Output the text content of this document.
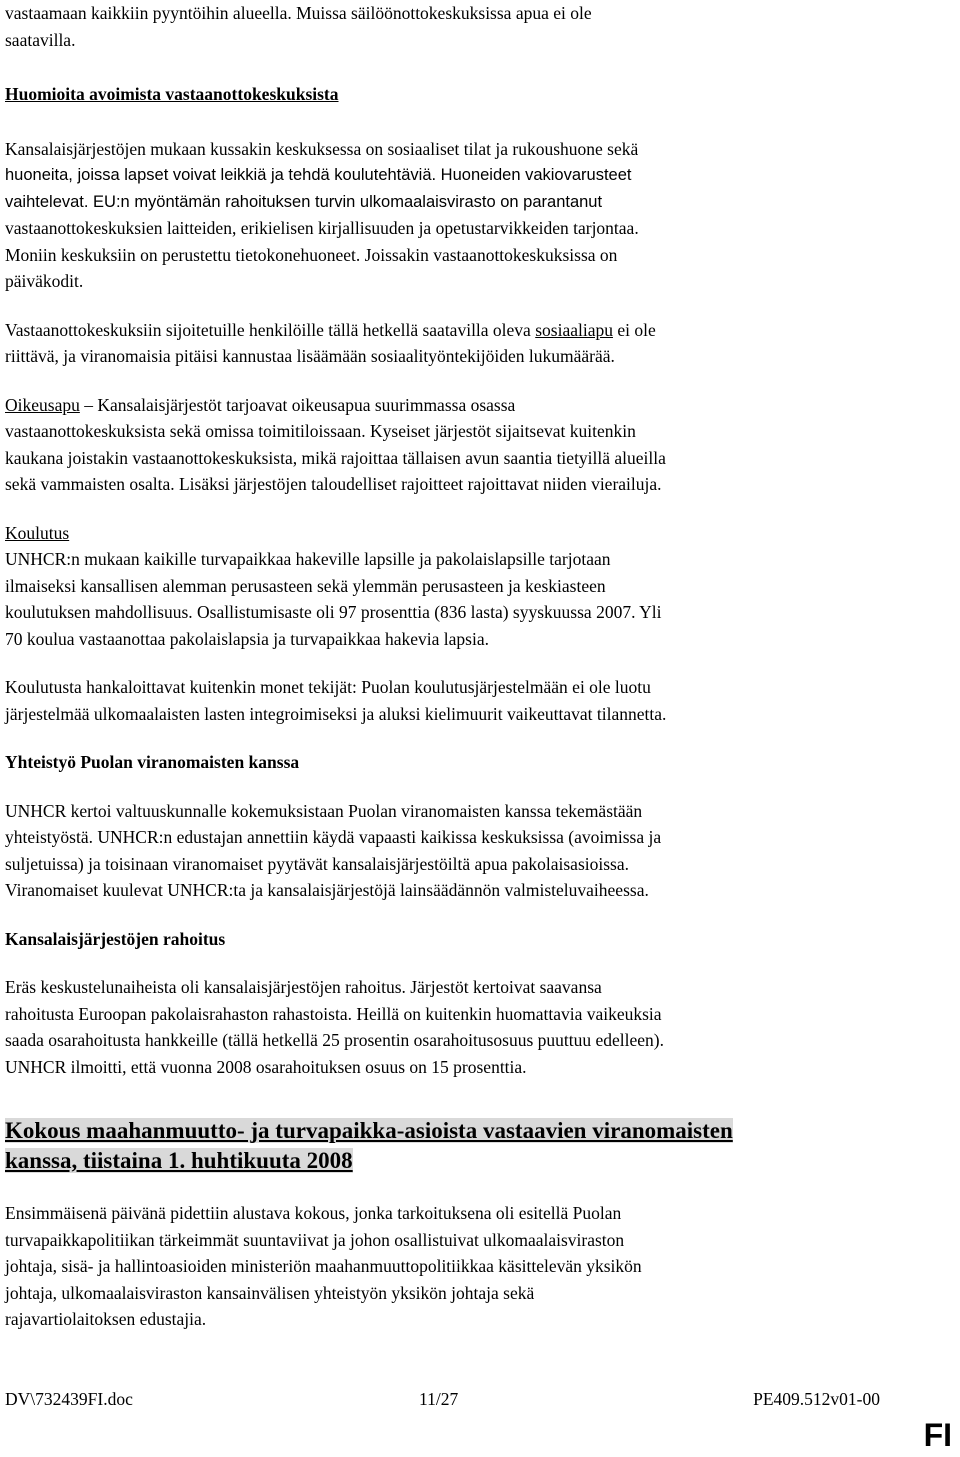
vastaamaan kaikkiin pyyntöihin alueella. Muissa säilöönottokeskuksissa apua ei ole

saatavilla.

Huomioita avoimista vastaanottokeskuksista

Kansalaisjärjestöjen mukaan kussakin keskuksessa on sosiaaliset tilat ja rukoushuone sekä

huoneita, joissa lapset voivat leikkiä ja tehdä koulutehtäviä. Huoneiden vakiovarusteet

vaihtelevat. EU:n myöntämän rahoituksen turvin ulkomaalaisvirasto on parantanut

vastaanottokeskuksien laitteiden, erikielisen kirjallisuuden ja opetustarvikkeiden tarjontaa.

Moniin keskuksiin on perustettu tietokonehuoneet. Joissakin vastaanottokeskuksissa on

päiväkodit.

Vastaanottokeskuksiin sijoitetuille henkilöille tällä hetkellä saatavilla oleva sosiaaliapu ei ole

riittävä, ja viranomaisia pitäisi kannustaa lisäämään sosiaalityöntekijöiden lukumäärää.

Oikeusapu – Kansalaisjärjestöt tarjoavat oikeusapua suurimmassa osassa

vastaanottokeskuksista sekä omissa toimitiloissaan. Kyseiset järjestöt sijaitsevat kuitenkin

kaukana joistakin vastaanottokeskuksista, mikä rajoittaa tällaisen avun saantia tietyillä alueilla

sekä vammaisten osalta. Lisäksi järjestöjen taloudelliset rajoitteet rajoittavat niiden vierailuja.

Koulutus

UNHCR:n mukaan kaikille turvapaikkaa hakeville lapsille ja pakolaislapsille tarjotaan

ilmaiseksi kansallisen alemman perusasteen sekä ylemmän perusasteen ja keskiasteen

koulutuksen mahdollisuus. Osallistumisaste oli 97 prosenttia (836 lasta) syyskuussa 2007. Yli

70 koulua vastaanottaa pakolaislapsia ja turvapaikkaa hakevia lapsia.

Koulutusta hankaloittavat kuitenkin monet tekijät: Puolan koulutusjärjestelmään ei ole luotu

järjestelmää ulkomaalaisten lasten integroimiseksi ja aluksi kielimuurit vaikeuttavat tilannetta.

Yhteistyö Puolan viranomaisten kanssa

UNHCR kertoi valtuuskunnalle kokemuksistaan Puolan viranomaisten kanssa tekemästään

yhteistyöstä. UNHCR:n edustajan annettiin käydä vapaasti kaikissa keskuksissa (avoimissa ja

suljetuissa) ja toisinaan viranomaiset pyytävät kansalaisjärjestöiltä apua pakolaisasioissa.

Viranomaiset kuulevat UNHCR:ta ja kansalaisjärjestöjä lainsäädännön valmisteluvaiheessa.

Kansalaisjärjestöjen rahoitus

Eräs keskustelunaiheista oli kansalaisjärjestöjen rahoitus. Järjestöt kertoivat saavansa

rahoitusta Euroopan pakolaisrahaston rahastoista. Heillä on kuitenkin huomattavia vaikeuksia

saada osarahoitusta hankkeille (tällä hetkellä 25 prosentin osarahoitusosuus puuttuu edelleen).

UNHCR ilmoitti, että vuonna 2008 osarahoituksen osuus on 15 prosenttia.

Kokous maahanmuutto- ja turvapaikka-asioista vastaavien viranomaisten

kanssa, tiistaina 1. huhtikuuta 2008

Ensimmäisenä päivänä pidettiin alustava kokous, jonka tarkoituksena oli esitellä Puolan

turvapaikkapolitiikan tärkeimmät suuntaviivat ja johon osallistuivat ulkomaalaisviraston

johtaja, sisä- ja hallintoasioiden ministeriön maahanmuuttopolitiikkaa käsittelevän yksikön

johtaja, ulkomaalaisviraston kansainvälisen yhteistyön yksikön johtaja sekä

rajavartiolaitoksen edustajia.

DV\732439FI.doc	11/27	PE409.512v01-00
FI
